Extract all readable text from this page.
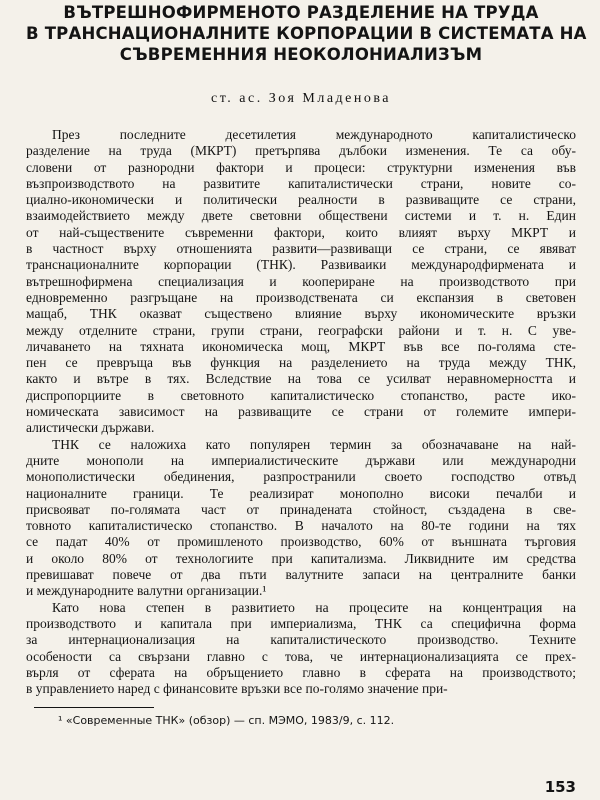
ВЪТРЕШНОФИРМЕНОТО РАЗДЕЛЕНИЕ НА ТРУДА
В ТРАНСНАЦИОНАЛНИТЕ КОРПОРАЦИИ В СИСТЕМАТА НА
СЪВРЕМЕННИЯ НЕОКОЛОНИАЛИЗЪМ
ст. ас. Зоя Младенова
През последните десетилетия международното капиталистическо
разделение на труда (МКРТ) претърпява дълбоки изменения. Те са обу-
словени от разнородни фактори и процеси: структурни изменения във
възпроизводството на развитите капиталистически страни, новите со-
циално-икономически и политически реалности в развиващите се страни,
взаимодействието между двете световни обществени системи и т. н. Един
от най-съществените съвременни фактори, които влияят върху МКРТ и
в частност върху отношенията развити—развиващи се страни, се явяват
транснационалните корпорации (ТНК). Развиваики международфирмената и
вътрешнофирмена специализация и коопериране на производството при
едновременно разгръщане на производствената си експанзия в световен
мащаб, ТНК оказват съществено влияние върху икономическите връзки
между отделните страни, групи страни, географски райони и т. н. С уве-
личаването на тяхната икономическа мощ, МКРТ във все по-голяма сте-
пен се превръща във функция на разделението на труда между ТНК,
както и вътре в тях. Вследствие на това се усилват неравномерността и
диспропорциите в световното капиталистическо стопанство, расте ико-
номическата зависимост на развиващите се страни от големите импери-
алистически държави.
ТНК се наложиха като популярен термин за обозначаване на най-
дните монополи на империалистическите държави или международни
монополистически обединения, разпространили своето господство отвъд
националните граници. Те реализират монополно високи печалби и
присвояват по-голямата част от принадената стойност, създадена в све-
товното капиталистическо стопанство. В началото на 80-те години на тях
се падат 40% от промишленото производство, 60% от външната търговия
и около 80% от технологиите при капитализма. Ликвидните им средства
превишават повече от два пъти валутните запаси на централните банки
и международните валутни организации.¹
Като нова степен в развитието на процесите на концентрация на
производството и капитала при империализма, ТНК са специфична форма
за интернационализация на капиталистическото производство. Техните
особености са свързани главно с това, че интернационализацията се прех-
върля от сферата на обръщението главно в сферата на производството;
в управлението наред с финансовите връзки все по-голямо значение при-
¹ «Современные ТНК» (обзор) — сп. МЭМО, 1983/9, с. 112.
153
